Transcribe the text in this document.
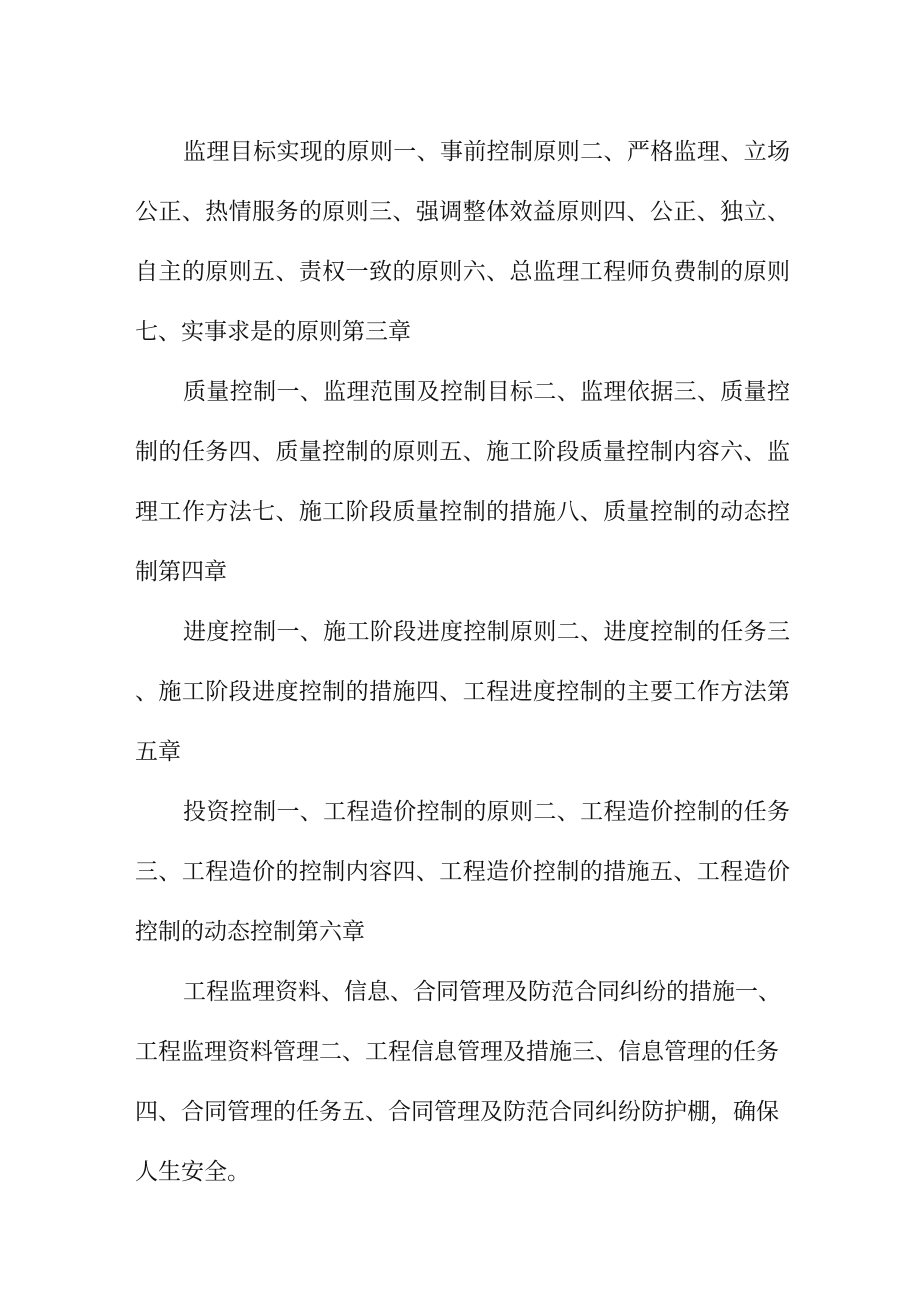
监理目标实现的原则一、事前控制原则二、严格监理、立场公正、热情服务的原则三、强调整体效益原则四、公正、独立、自主的原则五、责权一致的原则六、总监理工程师负费制的原则七、实事求是的原则第三章

质量控制一、监理范围及控制目标二、监理依据三、质量控制的任务四、质量控制的原则五、施工阶段质量控制内容六、监理工作方法七、施工阶段质量控制的措施八、质量控制的动态控制第四章

进度控制一、施工阶段进度控制原则二、进度控制的任务三、施工阶段进度控制的措施四、工程进度控制的主要工作方法第五章

投资控制一、工程造价控制的原则二、工程造价控制的任务三、工程造价的控制内容四、工程造价控制的措施五、工程造价控制的动态控制第六章

工程监理资料、信息、合同管理及防范合同纠纷的措施一、工程监理资料管理二、工程信息管理及措施三、信息管理的任务四、合同管理的任务五、合同管理及防范合同纠纷防护棚，确保人生安全。
